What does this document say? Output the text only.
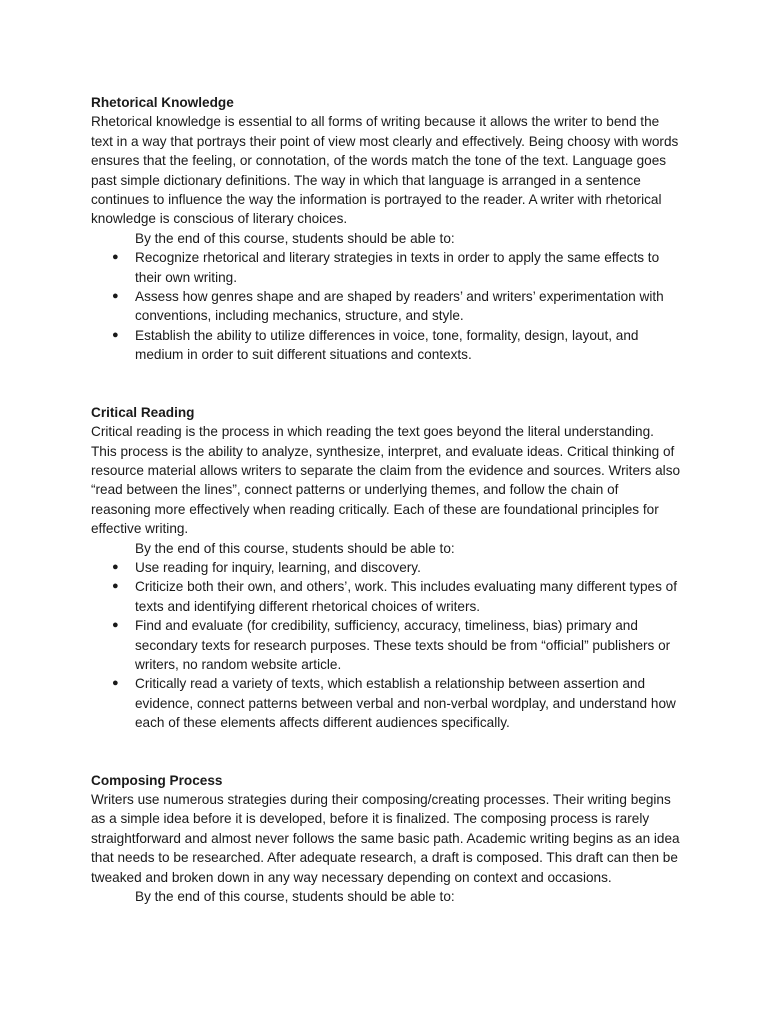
Rhetorical Knowledge

Rhetorical knowledge is essential to all forms of writing because it allows the writer to bend the text in a way that portrays their point of view most clearly and effectively. Being choosy with words ensures that the feeling, or connotation, of the words match the tone of the text. Language goes past simple dictionary definitions. The way in which that language is arranged in a sentence continues to influence the way the information is portrayed to the reader. A writer with rhetorical knowledge is conscious of literary choices.

By the end of this course, students should be able to:

● Recognize rhetorical and literary strategies in texts in order to apply the same effects to their own writing.
● Assess how genres shape and are shaped by readers’ and writers’ experimentation with conventions, including mechanics, structure, and style.
● Establish the ability to utilize differences in voice, tone, formality, design, layout, and medium in order to suit different situations and contexts.

Critical Reading

Critical reading is the process in which reading the text goes beyond the literal understanding. This process is the ability to analyze, synthesize, interpret, and evaluate ideas. Critical thinking of resource material allows writers to separate the claim from the evidence and sources. Writers also “read between the lines”, connect patterns or underlying themes, and follow the chain of reasoning more effectively when reading critically. Each of these are foundational principles for effective writing.

By the end of this course, students should be able to:

● Use reading for inquiry, learning, and discovery.
● Criticize both their own, and others’, work. This includes evaluating many different types of texts and identifying different rhetorical choices of writers.
● Find and evaluate (for credibility, sufficiency, accuracy, timeliness, bias) primary and secondary texts for research purposes. These texts should be from “official” publishers or writers, no random website article.
● Critically read a variety of texts, which establish a relationship between assertion and evidence, connect patterns between verbal and non-verbal wordplay, and understand how each of these elements affects different audiences specifically.

Composing Process

Writers use numerous strategies during their composing/creating processes. Their writing begins as a simple idea before it is developed, before it is finalized. The composing process is rarely straightforward and almost never follows the same basic path. Academic writing begins as an idea that needs to be researched. After adequate research, a draft is composed. This draft can then be tweaked and broken down in any way necessary depending on context and occasions.

By the end of this course, students should be able to:
